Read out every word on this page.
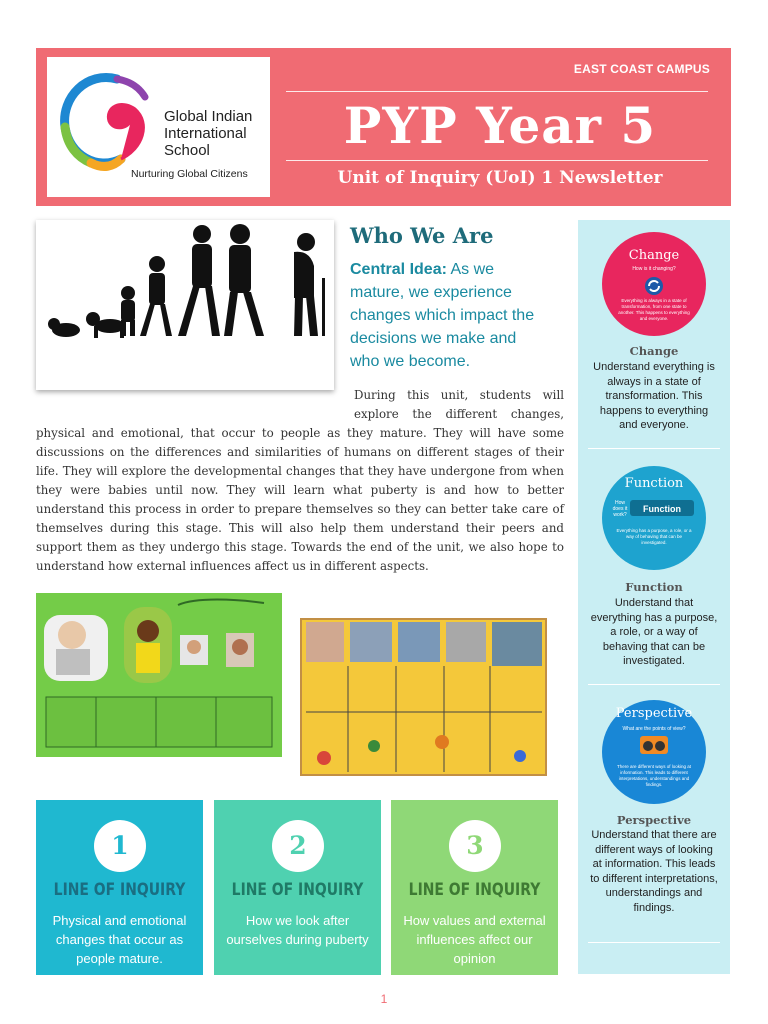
EAST COAST CAMPUS
PYP Year 5
Unit of Inquiry (UoI) 1 Newsletter
Global Indian
International
School
Nurturing Global Citizens
Who We Are
Central Idea: As we mature, we experience changes which impact the decisions we make and who we become.
During this unit, students will explore the different changes, physical and emotional, that occur to people as they mature. They will have some discussions on the differences and similarities of humans on different stages of their life. They will explore the developmental changes that they have undergone from when they were babies until now. They will learn what puberty is and how to better understand this process in order to prepare themselves so they can better take care of themselves during this stage. This will also help them understand their peers and support them as they undergo this stage. Towards the end of the unit, we also hope to understand how external influences affect us in different aspects.
1
LINE OF INQUIRY
Physical and emotional changes that occur as people mature.
2
LINE OF INQUIRY
How we look after ourselves during puberty
3
LINE OF INQUIRY
How values and external influences affect our opinion
Change
How is it changing?
Everything is always in a state of transformation, from one state to another. This happens to everything and everyone.
Change
Understand everything is always in a state of transformation. This happens to everything and everyone.
Function
How does it work?
Function
Everything has a purpose, a role, or a way of behaving that can be investigated.
Function
Understand that everything has a purpose, a role, or a way of behaving that can be investigated.
Perspective
What are the points of view?
There are different ways of looking at information. This leads to different interpretations, understandings and findings.
Perspective
Understand that there are different ways of looking at information. This leads to different interpretations, understandings and findings.
1
